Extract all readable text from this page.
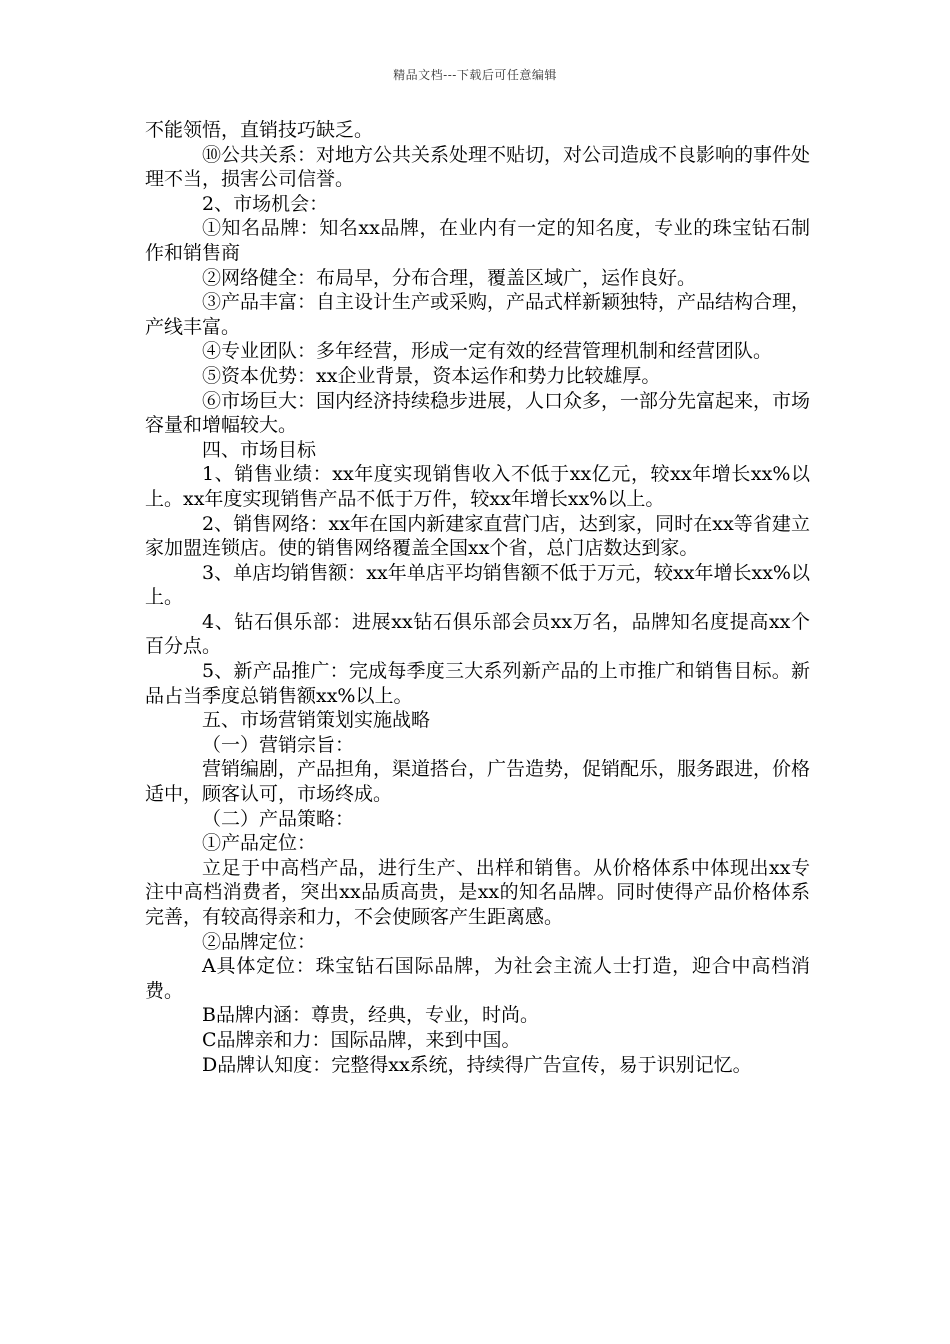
精品文档---下载后可任意编辑

不能领悟，直销技巧缺乏。

⑩公共关系：对地方公共关系处理不贴切，对公司造成不良影响的事件处理不当，损害公司信誉。

2、市场机会：

①知名品牌：知名xx品牌，在业内有一定的知名度，专业的珠宝钻石制作和销售商

②网络健全：布局早，分布合理，覆盖区域广，运作良好。

③产品丰富：自主设计生产或采购，产品式样新颖独特，产品结构合理，产线丰富。

④专业团队：多年经营，形成一定有效的经营管理机制和经营团队。

⑤资本优势：xx企业背景，资本运作和势力比较雄厚。

⑥市场巨大：国内经济持续稳步进展，人口众多，一部分先富起来，市场容量和增幅较大。

四、市场目标

1、销售业绩：xx年度实现销售收入不低于xx亿元，较xx年增长xx%以上。xx年度实现销售产品不低于万件，较xx年增长xx%以上。

2、销售网络：xx年在国内新建家直营门店，达到家，同时在xx等省建立家加盟连锁店。使的销售网络覆盖全国xx个省，总门店数达到家。

3、单店均销售额：xx年单店平均销售额不低于万元，较xx年增长xx%以上。

4、钻石俱乐部：进展xx钻石俱乐部会员xx万名，品牌知名度提高xx个百分点。

5、新产品推广：完成每季度三大系列新产品的上市推广和销售目标。新品占当季度总销售额xx%以上。

五、市场营销策划实施战略

（一）营销宗旨：

营销编剧，产品担角，渠道搭台，广告造势，促销配乐，服务跟进，价格适中，顾客认可，市场终成。

（二）产品策略：

①产品定位：

立足于中高档产品，进行生产、出样和销售。从价格体系中体现出xx专注中高档消费者，突出xx品质高贵，是xx的知名品牌。同时使得产品价格体系完善，有较高得亲和力，不会使顾客产生距离感。

②品牌定位：

A具体定位：珠宝钻石国际品牌，为社会主流人士打造，迎合中高档消费。

B品牌内涵：尊贵，经典，专业，时尚。

C品牌亲和力：国际品牌，来到中国。

D品牌认知度：完整得xx系统，持续得广告宣传，易于识别记忆。
